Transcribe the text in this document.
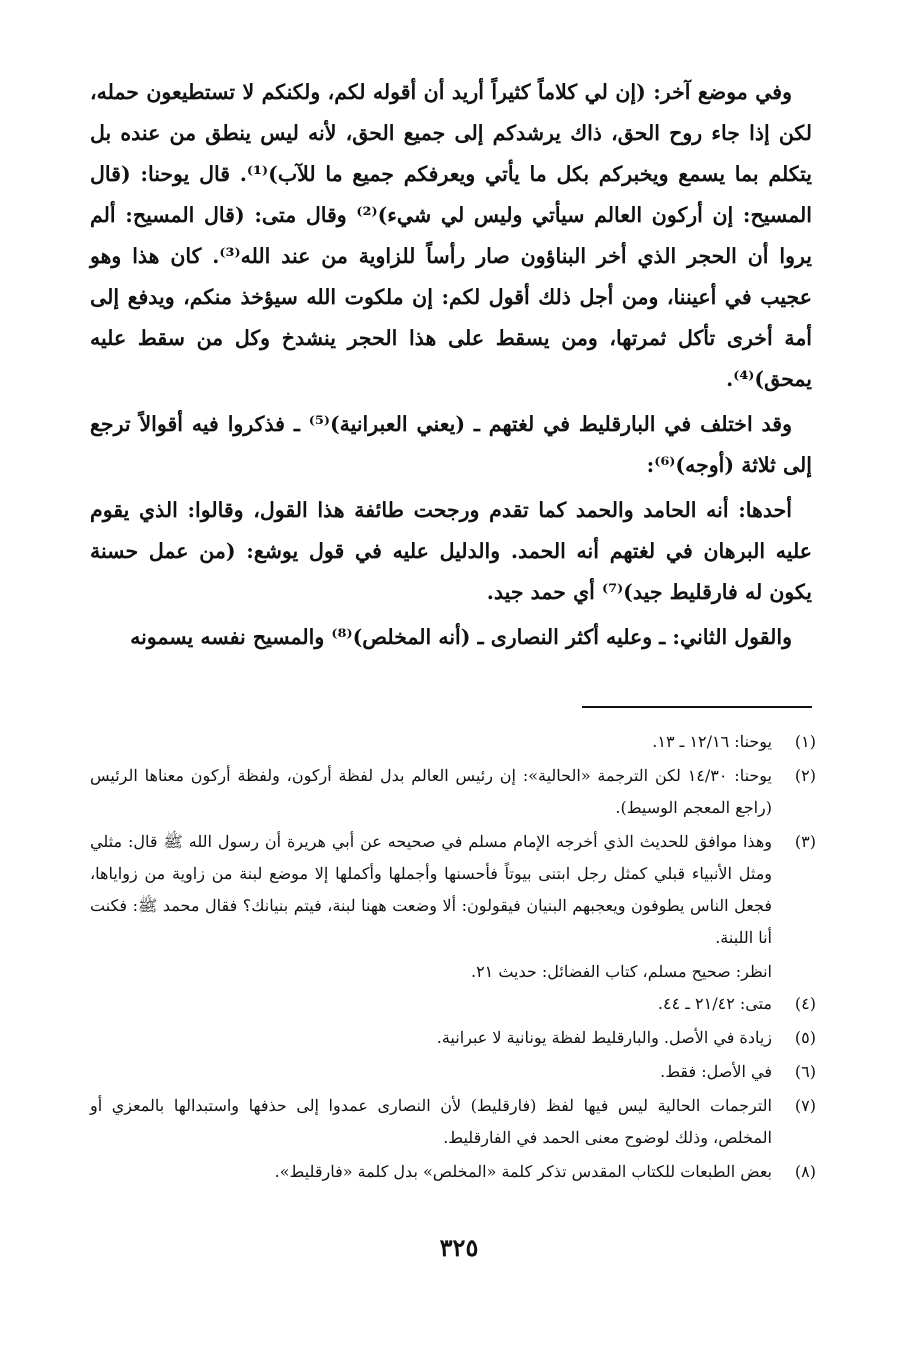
وفي موضع آخر: (إن لي كلاماً كثيراً أريد أن أقوله لكم، ولكنكم لا تستطيعون حمله، لكن إذا جاء روح الحق، ذاك يرشدكم إلى جميع الحق، لأنه ليس ينطق من عنده بل يتكلم بما يسمع ويخبركم بكل ما يأتي ويعرفكم جميع ما للآب)⁽¹⁾. قال يوحنا: (قال المسيح: إن أركون العالم سيأتي وليس لي شيء)⁽²⁾ وقال متى: (قال المسيح: ألم يروا أن الحجر الذي أخر البناؤون صار رأساً للزاوية من عند الله⁽³⁾. كان هذا وهو عجيب في أعيننا، ومن أجل ذلك أقول لكم: إن ملكوت الله سيؤخذ منكم، ويدفع إلى أمة أخرى تأكل ثمرتها، ومن يسقط على هذا الحجر ينشدخ وكل من سقط عليه يمحق)⁽⁴⁾.

وقد اختلف في البارقليط في لغتهم ـ (يعني العبرانية)⁽⁵⁾ ـ فذكروا فيه أقوالاً ترجع إلى ثلاثة (أوجه)⁽⁶⁾:

أحدها: أنه الحامد والحمد كما تقدم ورجحت طائفة هذا القول، وقالوا: الذي يقوم عليه البرهان في لغتهم أنه الحمد. والدليل عليه في قول يوشع: (من عمل حسنة يكون له فارقليط جيد)⁽⁷⁾ أي حمد جيد.

والقول الثاني: ـ وعليه أكثر النصارى ـ (أنه المخلص)⁽⁸⁾ والمسيح نفسه يسمونه

(١)
يوحنا: ١٢/١٦ ـ ١٣.
(٢)
يوحنا: ١٤/٣٠ لكن الترجمة «الحالية»: إن رئيس العالم بدل لفظة أركون، ولفظة أركون معناها الرئيس (راجع المعجم الوسيط).
(٣)
وهذا موافق للحديث الذي أخرجه الإمام مسلم في صحيحه عن أبي هريرة أن رسول الله ﷺ قال: مثلي ومثل الأنبياء قبلي كمثل رجل ابتنى بيوتاً فأحسنها وأجملها وأكملها إلا موضع لبنة من زاوية من زواياها، فجعل الناس يطوفون ويعجبهم البنيان فيقولون: ألا وضعت ههنا لبنة، فيتم بنيانك؟ فقال محمد ﷺ: فكنت أنا اللبنة.
انظر: صحيح مسلم، كتاب الفضائل: حديث ٢١.
(٤)
متى: ٢١/٤٢ ـ ٤٤.
(٥)
زيادة في الأصل. والبارقليط لفظة يونانية لا عبرانية.
(٦)
في الأصل: فقط.
(٧)
الترجمات الحالية ليس فيها لفظ (فارقليط) لأن النصارى عمدوا إلى حذفها واستبدالها بالمعزي أو المخلص، وذلك لوضوح معنى الحمد في الفارقليط.
(٨)
بعض الطبعات للكتاب المقدس تذكر كلمة «المخلص» بدل كلمة «فارقليط».
٣٢٥
